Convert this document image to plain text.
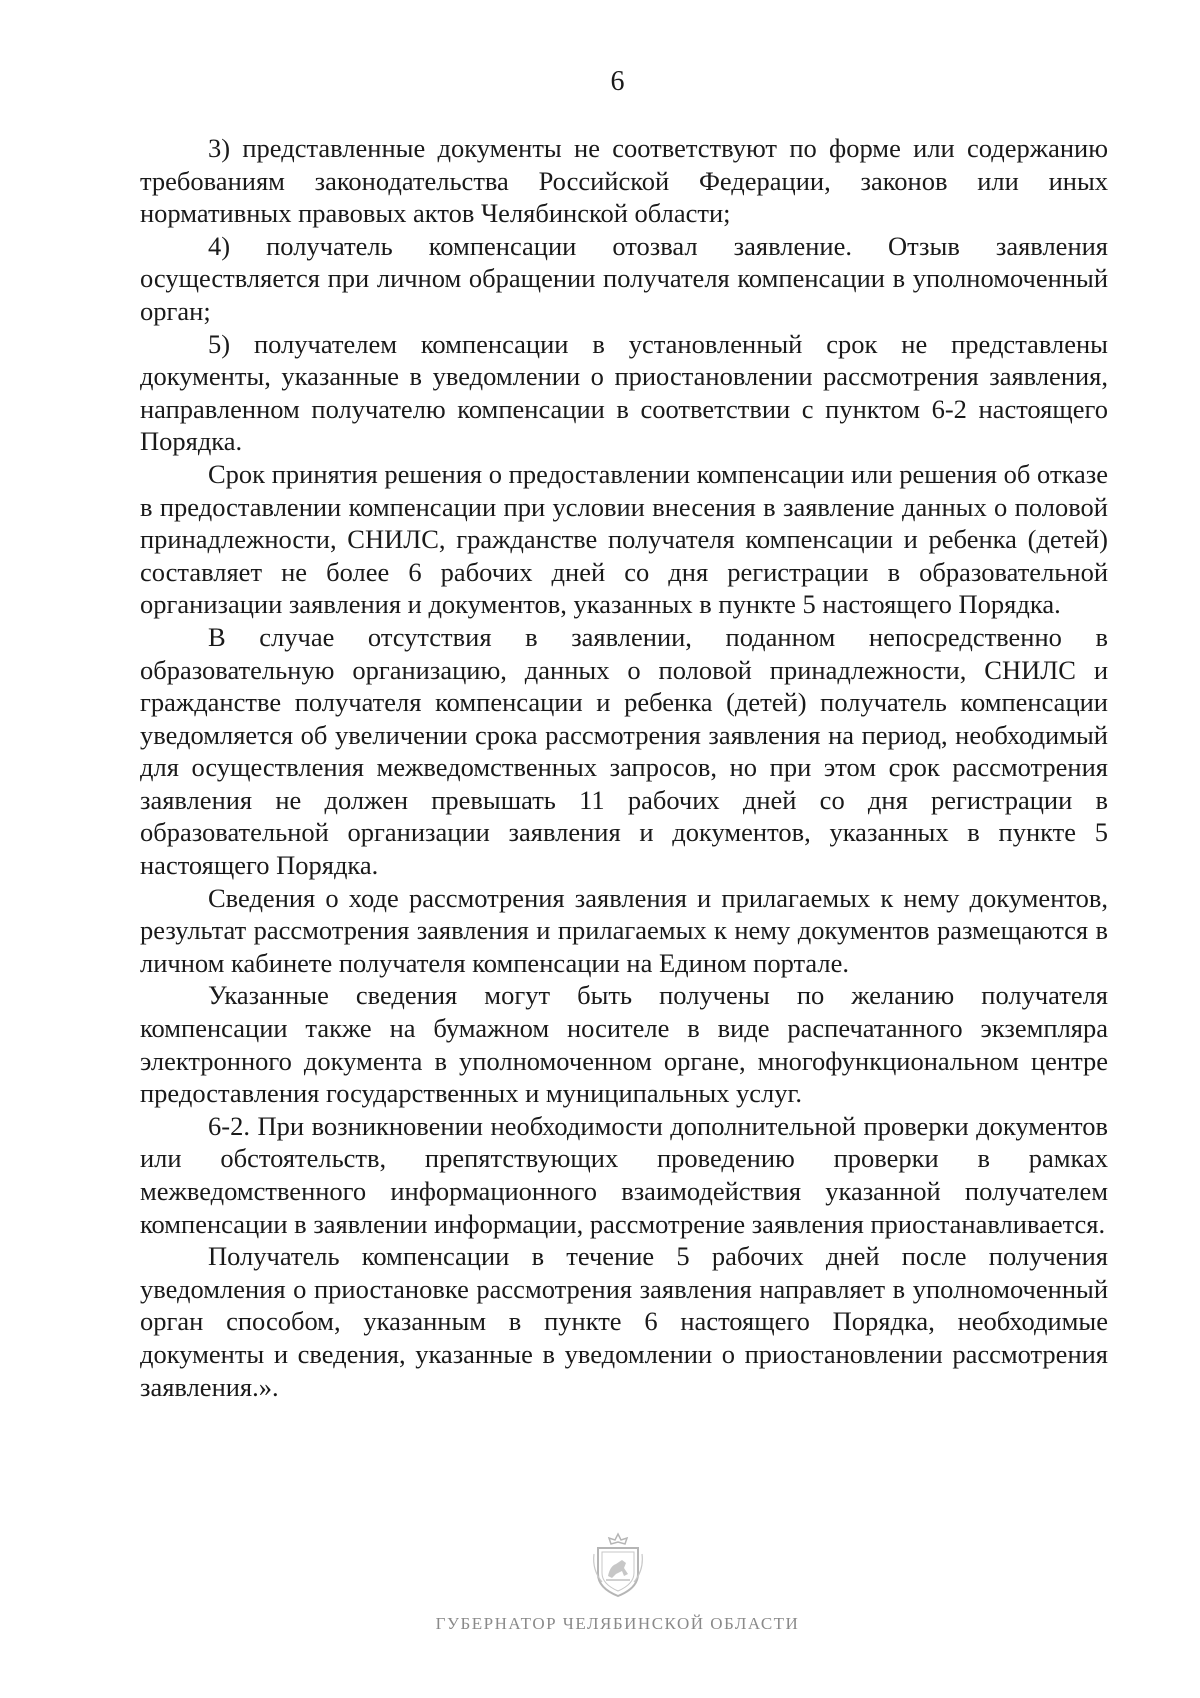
6

3) представленные документы не соответствуют по форме или содержанию требованиям законодательства Российской Федерации, законов или иных нормативных правовых актов Челябинской области;

4) получатель компенсации отозвал заявление. Отзыв заявления осуществляется при личном обращении получателя компенсации в уполномоченный орган;

5) получателем компенсации в установленный срок не представлены документы, указанные в уведомлении о приостановлении рассмотрения заявления, направленном получателю компенсации в соответствии с пунктом 6-2 настоящего Порядка.

Срок принятия решения о предоставлении компенсации или решения об отказе в предоставлении компенсации при условии внесения в заявление данных о половой принадлежности, СНИЛС, гражданстве получателя компенсации и ребенка (детей) составляет не более 6 рабочих дней со дня регистрации в образовательной организации заявления и документов, указанных в пункте 5 настоящего Порядка.

В случае отсутствия в заявлении, поданном непосредственно в образовательную организацию, данных о половой принадлежности, СНИЛС и гражданстве получателя компенсации и ребенка (детей) получатель компенсации уведомляется об увеличении срока рассмотрения заявления на период, необходимый для осуществления межведомственных запросов, но при этом срок рассмотрения заявления не должен превышать 11 рабочих дней со дня регистрации в образовательной организации заявления и документов, указанных в пункте 5 настоящего Порядка.

Сведения о ходе рассмотрения заявления и прилагаемых к нему документов, результат рассмотрения заявления и прилагаемых к нему документов размещаются в личном кабинете получателя компенсации на Едином портале.

Указанные сведения могут быть получены по желанию получателя компенсации также на бумажном носителе в виде распечатанного экземпляра электронного документа в уполномоченном органе, многофункциональном центре предоставления государственных и муниципальных услуг.

6-2. При возникновении необходимости дополнительной проверки документов или обстоятельств, препятствующих проведению проверки в рамках межведомственного информационного взаимодействия указанной получателем компенсации в заявлении информации, рассмотрение заявления приостанавливается.

Получатель компенсации в течение 5 рабочих дней после получения уведомления о приостановке рассмотрения заявления направляет в уполномоченный орган способом, указанным в пункте 6 настоящего Порядка, необходимые документы и сведения, указанные в уведомлении о приостановлении рассмотрения заявления.».

ГУБЕРНАТОР ЧЕЛЯБИНСКОЙ ОБЛАСТИ
